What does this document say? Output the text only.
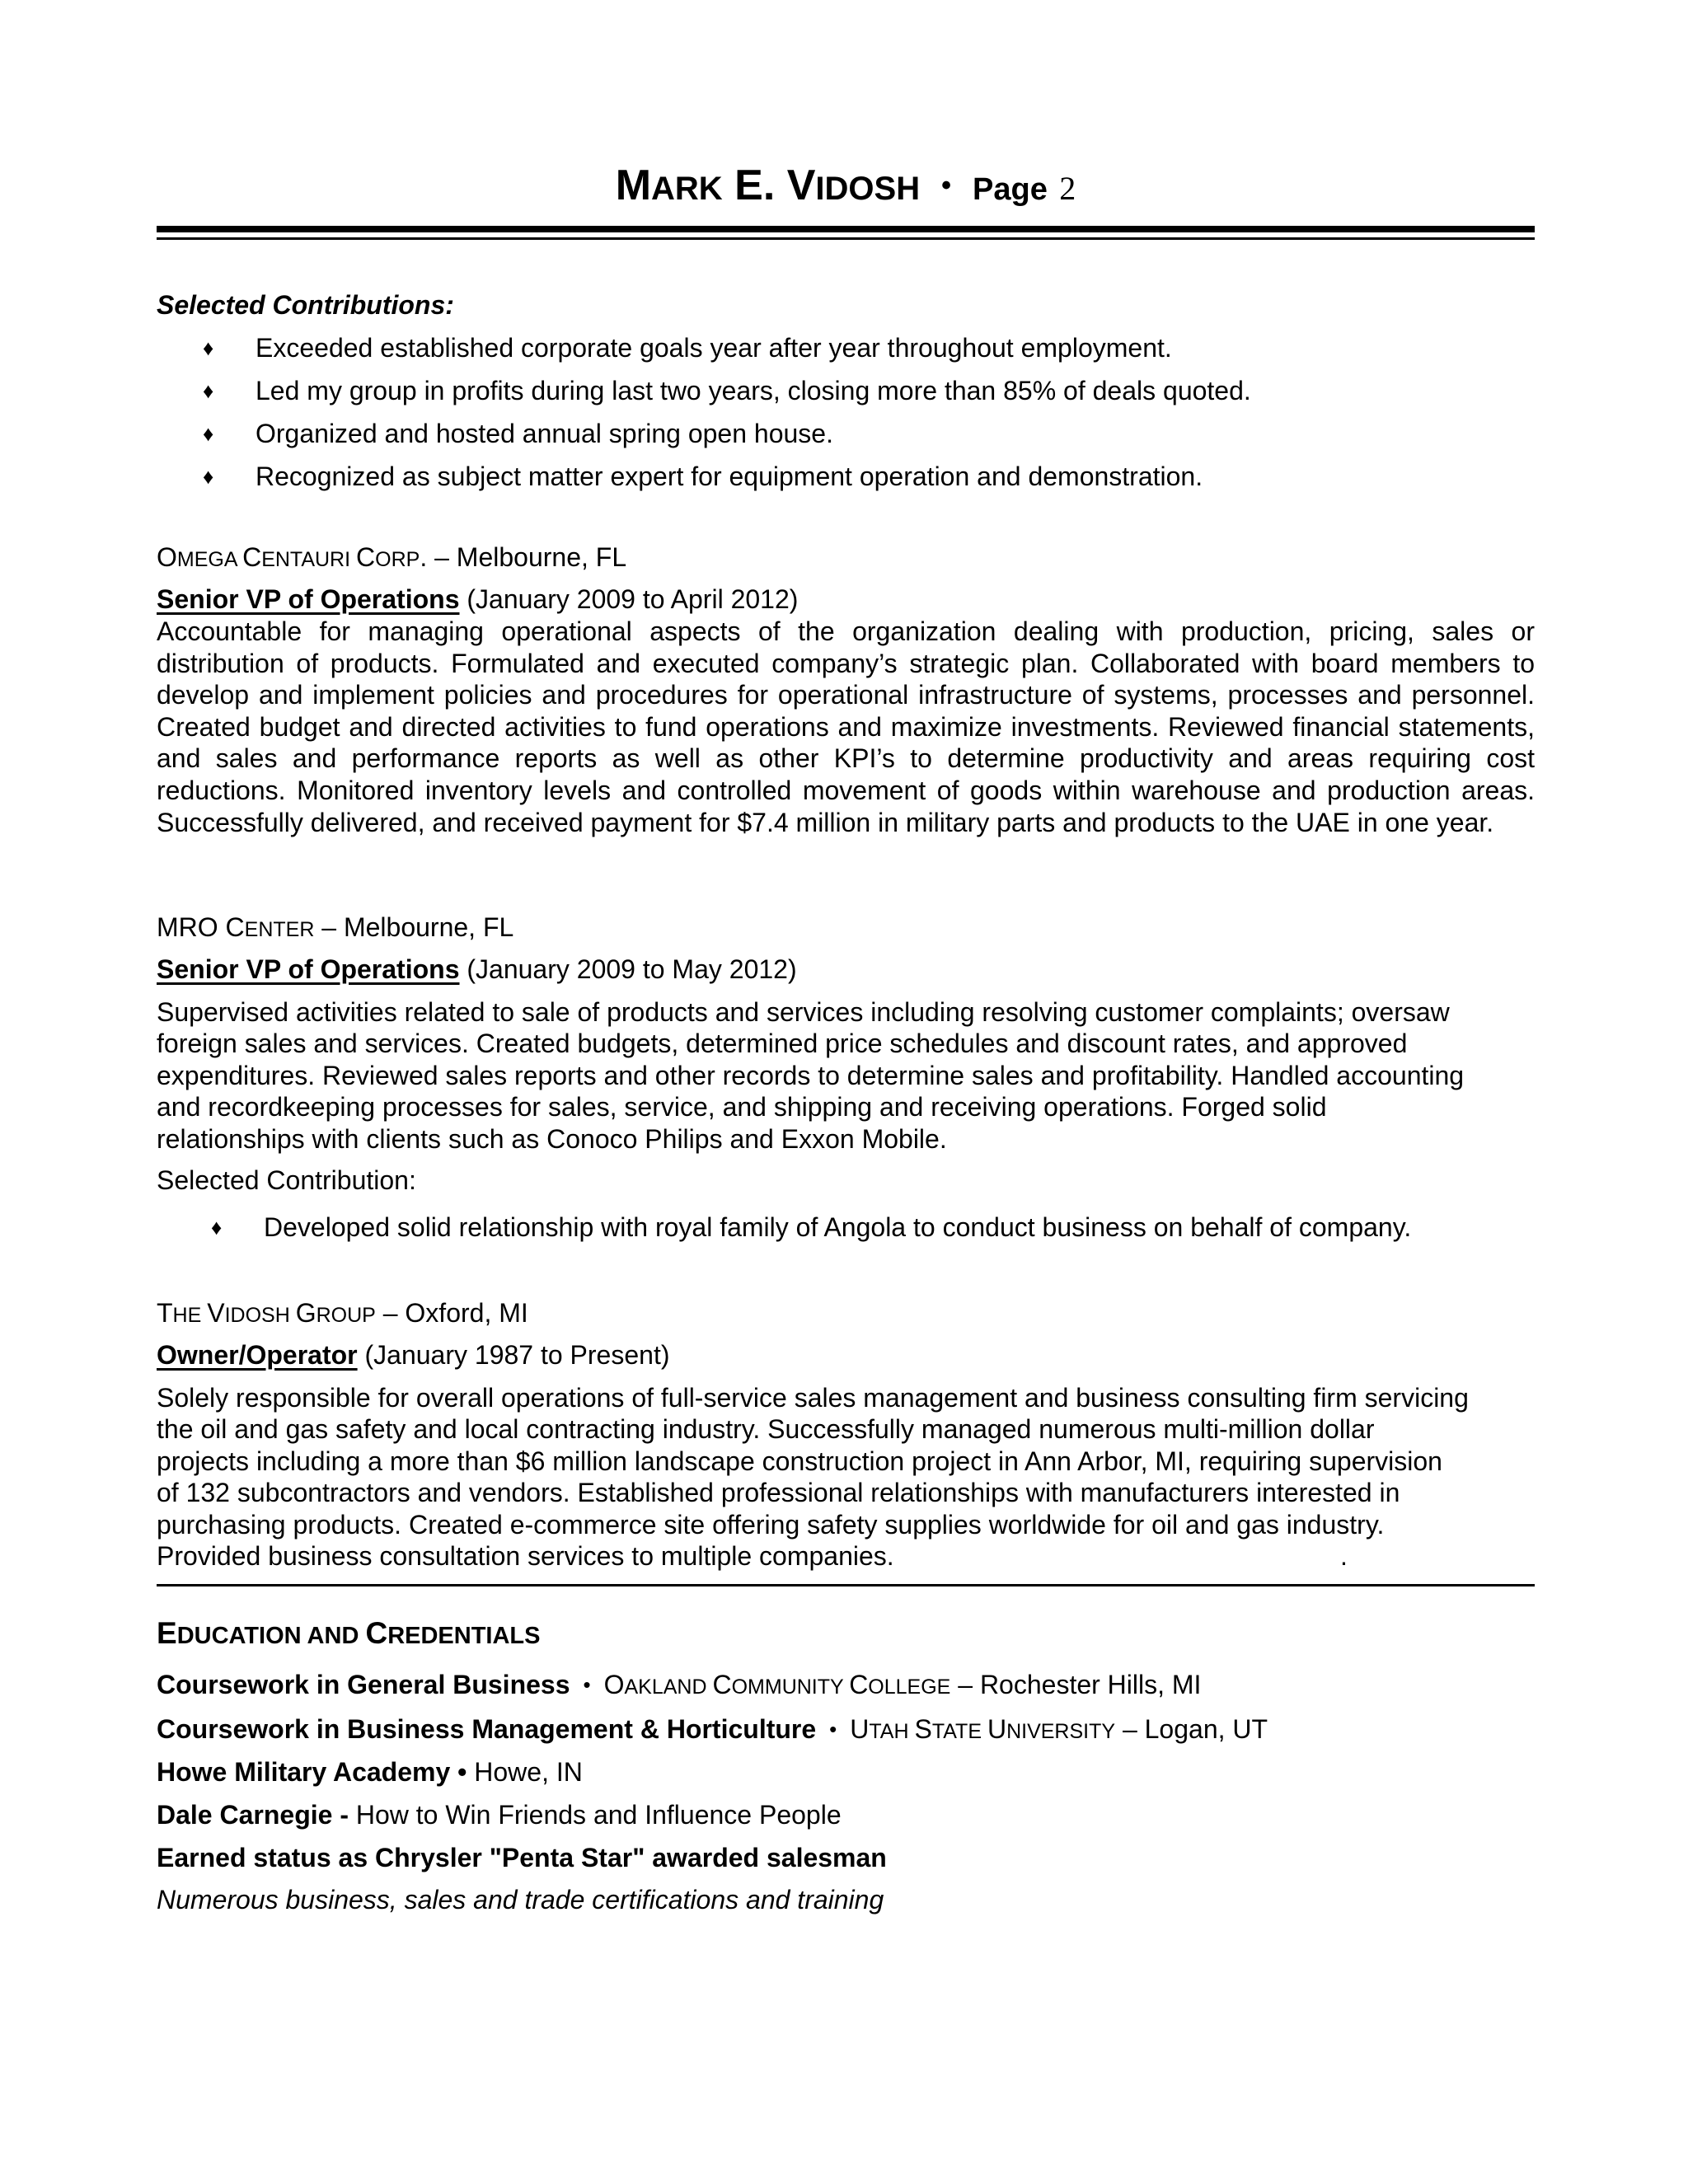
MARK E. VIDOSH • Page 2
Selected Contributions:
♦ Exceeded established corporate goals year after year throughout employment.
♦ Led my group in profits during last two years, closing more than 85% of deals quoted.
♦ Organized and hosted annual spring open house.
♦ Recognized as subject matter expert for equipment operation and demonstration.
OMEGA CENTAURI CORP. – Melbourne, FL
Senior VP of Operations (January 2009 to April 2012)
Accountable for managing operational aspects of the organization dealing with production, pricing, sales or distribution of products. Formulated and executed company’s strategic plan. Collaborated with board members to develop and implement policies and procedures for operational infrastructure of systems, processes and personnel. Created budget and directed activities to fund operations and maximize investments. Reviewed financial statements, and sales and performance reports as well as other KPI’s to determine productivity and areas requiring cost reductions. Monitored inventory levels and controlled movement of goods within warehouse and production areas. Successfully delivered, and received payment for $7.4 million in military parts and products to the UAE in one year.
MRO CENTER – Melbourne, FL
Senior VP of Operations (January 2009 to May 2012)
Supervised activities related to sale of products and services including resolving customer complaints; oversaw
foreign sales and services. Created budgets, determined price schedules and discount rates, and approved
expenditures. Reviewed sales reports and other records to determine sales and profitability. Handled accounting
and recordkeeping processes for sales, service, and shipping and receiving operations. Forged solid
relationships with clients such as Conoco Philips and Exxon Mobile.
Selected Contribution:
♦ Developed solid relationship with royal family of Angola to conduct business on behalf of company.
THE VIDOSH GROUP – Oxford, MI
Owner/Operator (January 1987 to Present)
Solely responsible for overall operations of full-service sales management and business consulting firm servicing
the oil and gas safety and local contracting industry. Successfully managed numerous multi-million dollar
projects including a more than $6 million landscape construction project in Ann Arbor, MI, requiring supervision
of 132 subcontractors and vendors. Established professional relationships with manufacturers interested in
purchasing products. Created e-commerce site offering safety supplies worldwide for oil and gas industry.
Provided business consultation services to multiple companies.	.
EDUCATION AND CREDENTIALS
Coursework in General Business • OAKLAND COMMUNITY COLLEGE – Rochester Hills, MI
Coursework in Business Management & Horticulture • UTAH STATE UNIVERSITY – Logan, UT
Howe Military Academy • Howe, IN
Dale Carnegie - How to Win Friends and Influence People
Earned status as Chrysler "Penta Star" awarded salesman
Numerous business, sales and trade certifications and training
